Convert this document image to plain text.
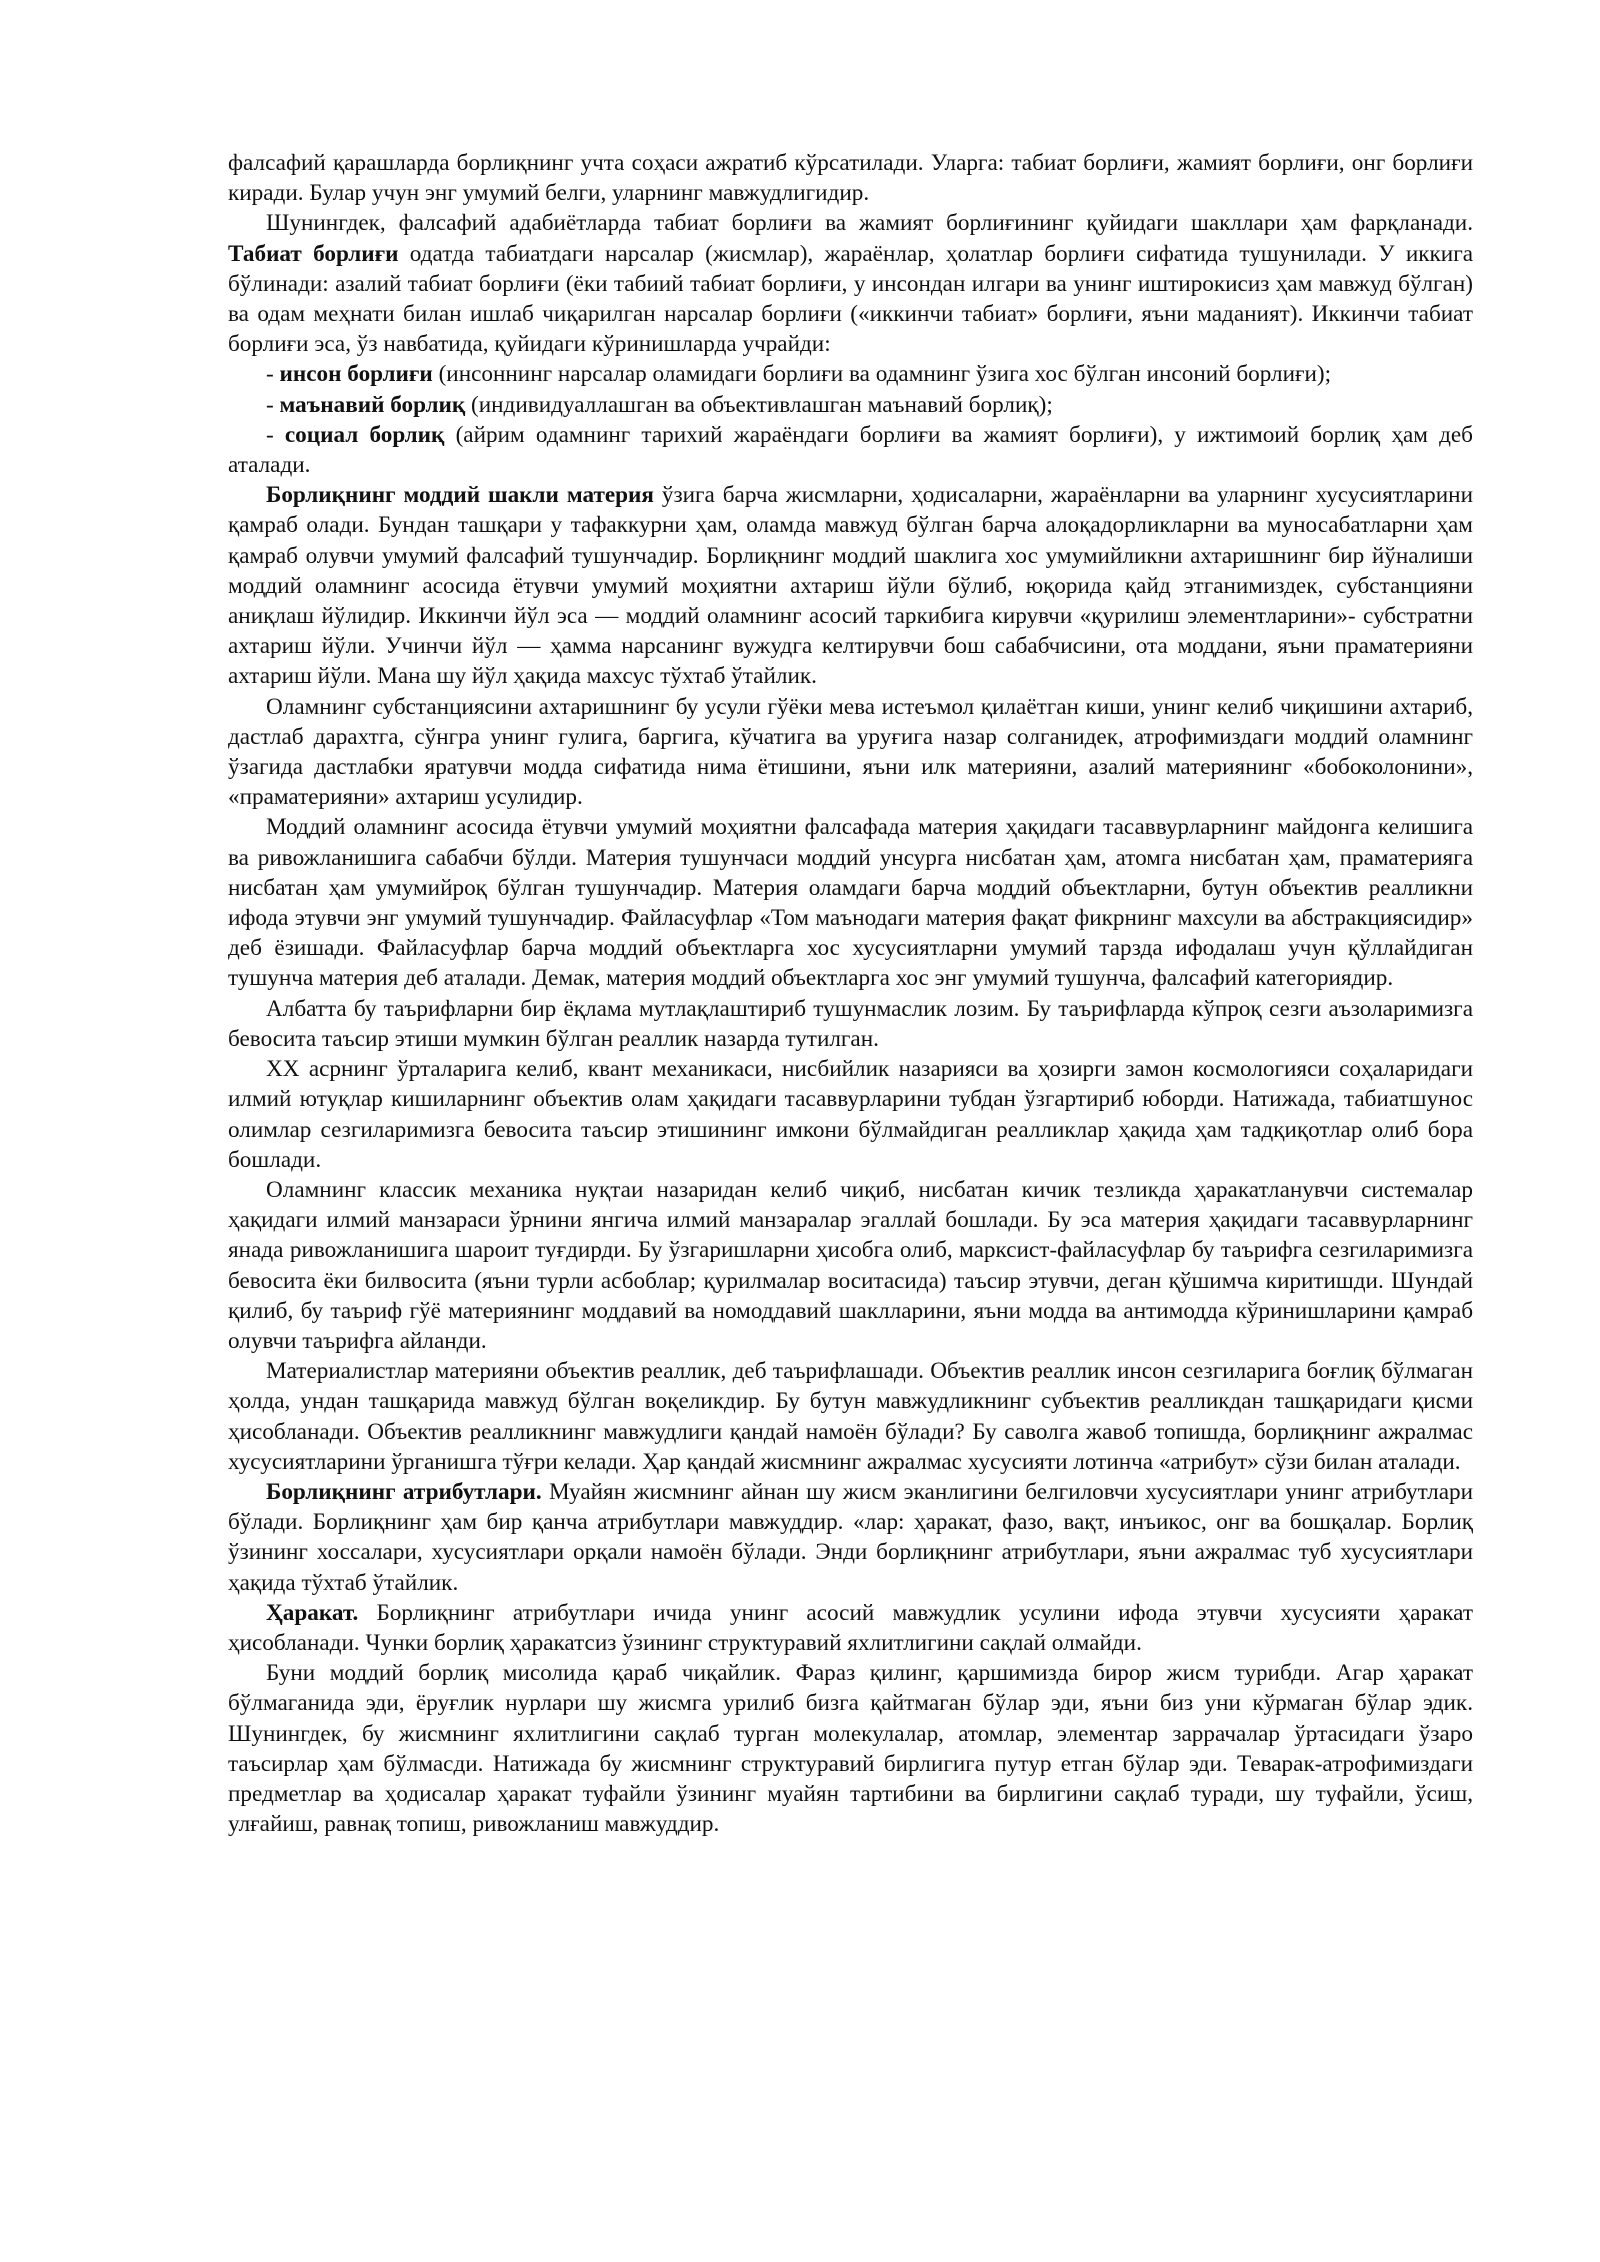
фалсафий қарашларда борлиқнинг учта соҳаси ажратиб кўрсатилади. Уларга: табиат борлиғи, жамият борлиғи, онг борлиғи киради. Булар учун энг умумий белги, уларнинг мавжудлигидир.

Шунингдек, фалсафий адабиётларда табиат борлиғи ва жамият борлиғининг қуйидаги шакллари ҳам фарқланади. Табиат борлиғи одатда табиатдаги нарсалар (жисмлар), жараёнлар, ҳолатлар борлиғи сифатида тушунилади. У иккига бўлинади: азалий табиат борлиғи (ёки табиий табиат борлиғи, у инсондан илгари ва унинг иштирокисиз ҳам мавжуд бўлган) ва одам меҳнати билан ишлаб чиқарилган нарсалар борлиғи («иккинчи табиат» борлиғи, яъни маданият). Иккинчи табиат борлиғи эса, ўз навбатида, қуйидаги кўринишларда учрайди:

- инсон борлиғи (инсоннинг нарсалар оламидаги борлиғи ва одамнинг ўзига хос бўлган инсоний борлиғи);

- маънавий борлиқ (индивидуаллашган ва объективлашган маънавий борлиқ);

- социал борлиқ (айрим одамнинг тарихий жараёндаги борлиғи ва жамият борлиғи), у ижтимоий борлиқ ҳам деб аталади.

Борлиқнинг моддий шакли материя ўзига барча жисмларни, ҳодисаларни, жараёнларни ва уларнинг хусусиятларини қамраб олади. Бундан ташқари у тафаккурни ҳам, оламда мавжуд бўлган барча алоқадорликларни ва муносабатларни ҳам қамраб олувчи умумий фалсафий тушунчадир. Борлиқнинг моддий шаклига хос умумийликни ахтаришнинг бир йўналиши моддий оламнинг асосида ётувчи умумий моҳиятни ахтариш йўли бўлиб, юқорида қайд этганимиздек, субстанцияни аниқлаш йўлидир. Иккинчи йўл эса — моддий оламнинг асосий таркибига кирувчи «қурилиш элементларини»- субстратни ахтариш йўли. Учинчи йўл — ҳамма нарсанинг вужудга келтирувчи бош сабабчисини, ота моддани, яъни праматерияни ахтариш йўли. Мана шу йўл ҳақида махсус тўхтаб ўтайлик.

Оламнинг субстанциясини ахтаришнинг бу усули гўёки мева истеъмол қилаётган киши, унинг келиб чиқишини ахтариб, дастлаб дарахтга, сўнгра унинг гулига, баргига, кўчатига ва уруғига назар солганидек, атрофимиздаги моддий оламнинг ўзагида дастлабки яратувчи модда сифатида нима ётишини, яъни илк материяни, азалий материянинг «бобоколонини», «праматерияни» ахтариш усулидир.

Моддий оламнинг асосида ётувчи умумий моҳиятни фалсафада материя ҳақидаги тасаввурларнинг майдонга келишига ва ривожланишига сабабчи бўлди. Материя тушунчаси моддий унсурга нисбатан ҳам, атомга нисбатан ҳам, праматерияга нисбатан ҳам умумийроқ бўлган тушунчадир. Материя оламдаги барча моддий объектларни, бутун объектив реалликни ифода этувчи энг умумий тушунчадир. Файласуфлар «Том маънодаги материя фақат фикрнинг махсули ва абстракциясидир» деб ёзишади. Файласуфлар барча моддий объектларга хос хусусиятларни умумий тарзда ифодалаш учун қўллайдиган тушунча материя деб аталади. Демак, материя моддий объектларга хос энг умумий тушунча, фалсафий категориядир.

Албатта бу таърифларни бир ёқлама мутлақлаштириб тушунмаслик лозим. Бу таърифларда кўпроқ сезги аъзоларимизга бевосита таъсир этиши мумкин бўлган реаллик назарда тутилган.

XX асрнинг ўрталарига келиб, квант механикаси, нисбийлик назарияси ва ҳозирги замон космологияси соҳаларидаги илмий ютуқлар кишиларнинг объектив олам ҳақидаги тасаввурларини тубдан ўзгартириб юборди. Натижада, табиатшунос олимлар сезгиларимизга бевосита таъсир этишининг имкони бўлмайдиган реалликлар ҳақида ҳам тадқиқотлар олиб бора бошлади.

Оламнинг классик механика нуқтаи назаридан келиб чиқиб, нисбатан кичик тезликда ҳаракатланувчи системалар ҳақидаги илмий манзараси ўрнини янгича илмий манзаралар эгаллай бошлади. Бу эса материя ҳақидаги тасаввурларнинг янада ривожланишига шароит туғдирди. Бу ўзгаришларни ҳисобга олиб, марксист-файласуфлар бу таърифга сезгиларимизга бевосита ёки билвосита (яъни турли асбоблар; қурилмалар воситасида) таъсир этувчи, деган қўшимча киритишди. Шундай қилиб, бу таъриф гўё материянинг моддавий ва номоддавий шаклларини, яъни модда ва антимодда кўринишларини қамраб олувчи таърифга айланди.

Материалистлар материяни объектив реаллик, деб таърифлашади. Объектив реаллик инсон сезгиларига боғлиқ бўлмаган ҳолда, ундан ташқарида мавжуд бўлган воқеликдир. Бу бутун мавжудликнинг субъектив реалликдан ташқаридаги қисми ҳисобланади. Объектив реалликнинг мавжудлиги қандай намоён бўлади? Бу саволга жавоб топишда, борлиқнинг ажралмас хусусиятларини ўрганишга тўғри келади. Ҳар қандай жисмнинг ажралмас хусусияти лотинча «атрибут» сўзи билан аталади.

Борлиқнинг атрибутлари. Муайян жисмнинг айнан шу жисм эканлигини белгиловчи хусусиятлари унинг атрибутлари бўлади. Борлиқнинг ҳам бир қанча атрибутлари мавжуддир. «лар: ҳаракат, фазо, вақт, инъикос, онг ва бошқалар. Борлиқ ўзининг хоссалари, хусусиятлари орқали намоён бўлади. Энди борлиқнинг атрибутлари, яъни ажралмас туб хусусиятлари ҳақида тўхтаб ўтайлик.

Ҳаракат. Борлиқнинг атрибутлари ичида унинг асосий мавжудлик усулини ифода этувчи хусусияти ҳаракат ҳисобланади. Чунки борлиқ ҳаракатсиз ўзининг структуравий яхлитлигини сақлай олмайди.

Буни моддий борлиқ мисолида қараб чиқайлик. Фараз қилинг, қаршимизда бирор жисм турибди. Агар ҳаракат бўлмаганида эди, ёруғлик нурлари шу жисмга урилиб бизга қайтмаган бўлар эди, яъни биз уни кўрмаган бўлар эдик. Шунингдек, бу жисмнинг яхлитлигини сақлаб турган молекулалар, атомлар, элементар заррачалар ўртасидаги ўзаро таъсирлар ҳам бўлмасди. Натижада бу жисмнинг структуравий бирлигига путур етган бўлар эди. Теварак-атрофимиздаги предметлар ва ҳодисалар ҳаракат туфайли ўзининг муайян тартибини ва бирлигини сақлаб туради, шу туфайли, ўсиш, улғайиш, равнақ топиш, ривожланиш мавжуддир.
